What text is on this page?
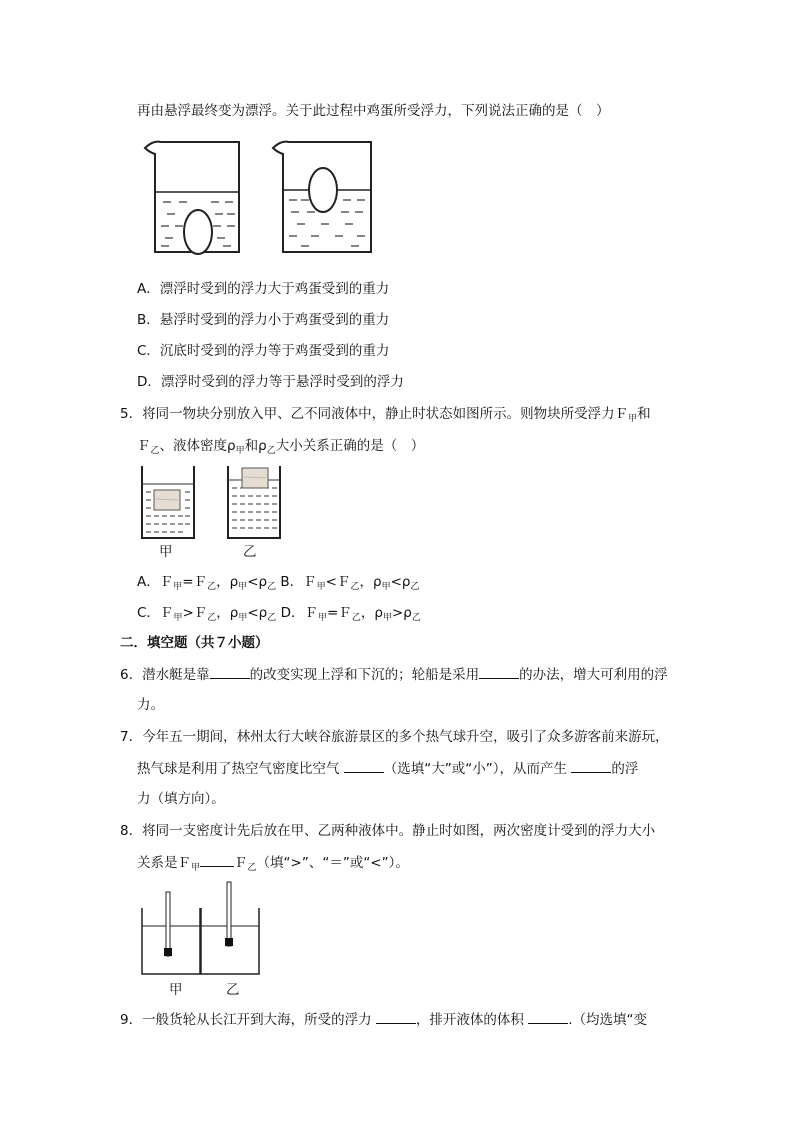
再由悬浮最终变为漂浮。关于此过程中鸡蛋所受浮力，下列说法正确的是（　）
A．漂浮时受到的浮力大于鸡蛋受到的重力
B．悬浮时受到的浮力小于鸡蛋受到的重力
C．沉底时受到的浮力等于鸡蛋受到的重力
D．漂浮时受到的浮力等于悬浮时受到的浮力
5．将同一物块分别放入甲、乙不同液体中，静止时状态如图所示。则物块所受浮力Ｆ$_甲$和
Ｆ$_乙$、液体密度$\rho_甲$和$\rho_乙$大小关系正确的是（　）
甲	乙
A．Ｆ$_甲$=Ｆ$_乙$，$\rho_甲<\rho_乙$ B．Ｆ$_甲$<Ｆ$_乙$，$\rho_甲<\rho_乙$
C．Ｆ$_甲$>Ｆ$_乙$，$\rho_甲<\rho_乙$ D．Ｆ$_甲$=Ｆ$_乙$，$\rho_甲>\rho_乙$
二．填空题（共７小题）
6．潜水艇是靠	的改变实现上浮和下沉的；轮船是采用	的办法，增大可利用的浮
力。
7．今年五一期间，林州太行大峡谷旅游景区的多个热气球升空，吸引了众多游客前来游玩，
热气球是利用了热空气密度比空气	（选填“大”或“小”），从而产生	的浮
力（填方向）。
8．将同一支密度计先后放在甲、乙两种液体中。静止时如图，两次密度计受到的浮力大小
关系是Ｆ$_甲$	Ｆ$_乙$（填“>”、“＝”或“<”）。
甲	乙
9．一般货轮从长江开到大海，所受的浮力	，排开液体的体积	.（均选填“变
